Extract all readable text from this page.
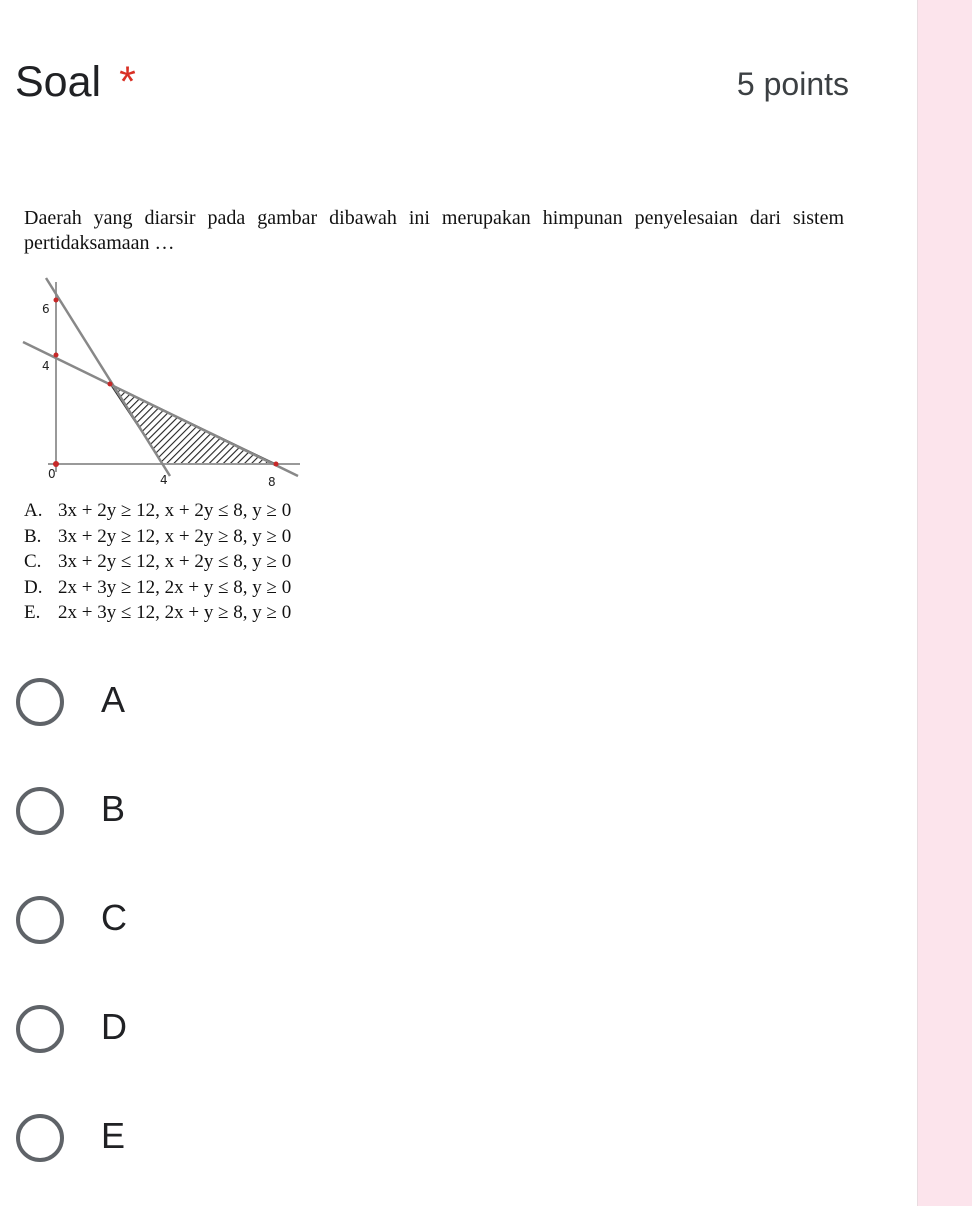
Soal *	5 points
Daerah yang diarsir pada gambar dibawah ini merupakan himpunan penyelesaian dari sistem pertidaksamaan …
6
4
0	4	8
A. 3x + 2y ≥ 12, x + 2y ≤ 8, y ≥ 0
B. 3x + 2y ≥ 12, x + 2y ≥ 8, y ≥ 0
C. 3x + 2y ≤ 12, x + 2y ≤ 8, y ≥ 0
D. 2x + 3y ≥ 12, 2x + y ≤ 8, y ≥ 0
E. 2x + 3y ≤ 12, 2x + y ≥ 8, y ≥ 0
A
B
C
D
E
